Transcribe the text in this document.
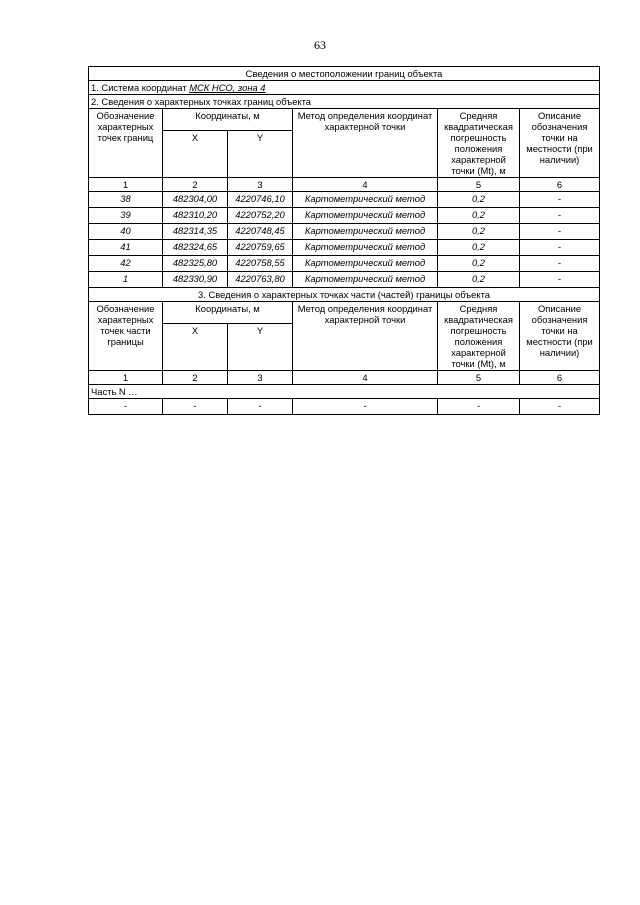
63
Сведения о местоположении границ объекта					
1. Система координат МСК НСО, зона 4					
2. Сведения о характерных точках границ объекта					
Обозначение характерных точек границ	Координаты, м		Метод определения координат характерной точки	Средняя квадратическая погрешность положения характерной точки (Mt), м	Описание обозначения точки на местности (при наличии)
	X	Y			
1	2	3	4	5	6
38	482304,00	4220746,10	Картометрический метод	0,2	-
39	482310,20	4220752,20	Картометрический метод	0,2	-
40	482314,35	4220748,45	Картометрический метод	0,2	-
41	482324,65	4220759,65	Картометрический метод	0,2	-
42	482325,80	4220758,55	Картометрический метод	0,2	-
1	482330,90	4220763,80	Картометрический метод	0,2	-
3. Сведения о характерных точках части (частей) границы объекта					
Обозначение характерных точек части границы	Координаты, м		Метод определения координат характерной точки	Средняя квадратическая погрешность положения характерной точки (Mt), м	Описание обозначения точки на местности (при наличии)
	X	Y			
1	2	3	4	5	6
Часть N …					
-	-	-	-	-	-
